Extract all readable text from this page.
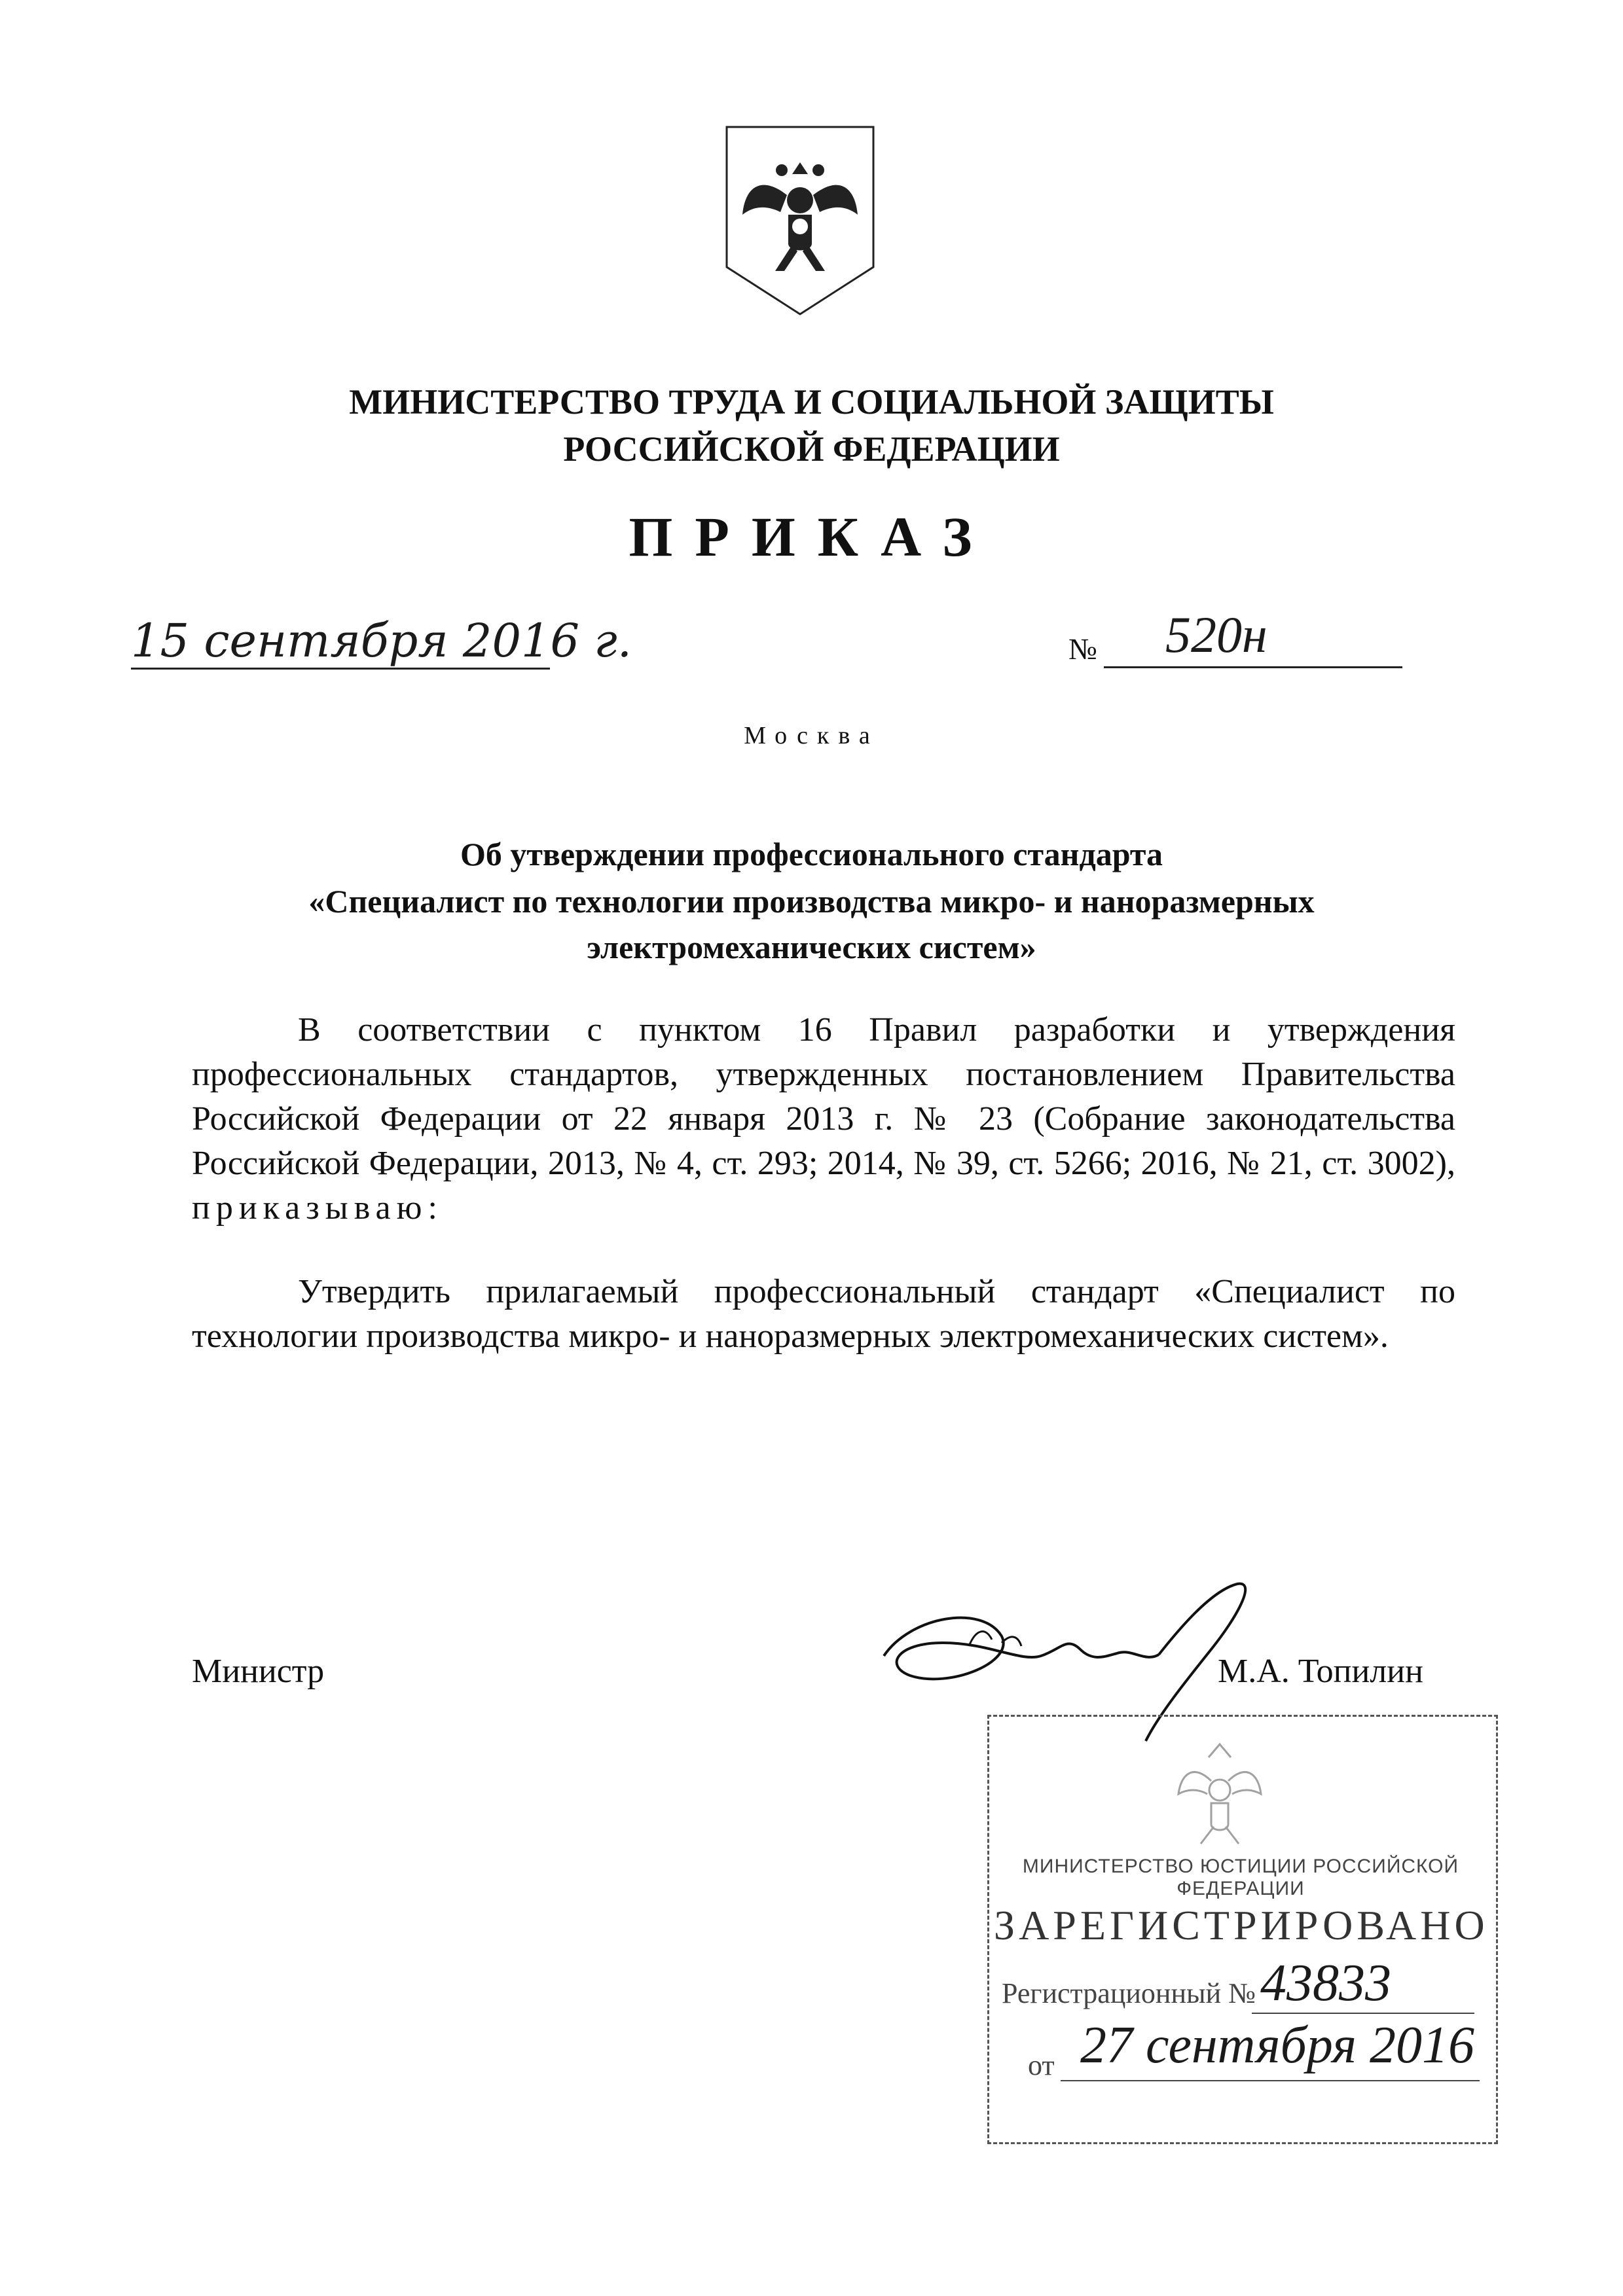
МИНИСТЕРСТВО ТРУДА И СОЦИАЛЬНОЙ ЗАЩИТЫ
РОССИЙСКОЙ ФЕДЕРАЦИИ
ПРИКАЗ
15 сентября 2016 г.	№ 520н
Москва
Об утверждении профессионального стандарта
«Специалист по технологии производства микро- и наноразмерных
электромеханических систем»
В соответствии с пунктом 16 Правил разработки и утверждения профессиональных стандартов, утвержденных постановлением Правительства Российской Федерации от 22 января 2013 г. № 23 (Собрание законодательства Российской Федерации, 2013, № 4, ст. 293; 2014, № 39, ст. 5266; 2016, № 21, ст. 3002), приказываю:
Утвердить прилагаемый профессиональный стандарт «Специалист по технологии производства микро- и наноразмерных электромеханических систем».
Министр	М.А. Топилин
МИНИСТЕРСТВО ЮСТИЦИИ РОССИЙСКОЙ ФЕДЕРАЦИИ
ЗАРЕГИСТРИРОВАНО
Регистрационный № 43833
от 27 сентября 2016
